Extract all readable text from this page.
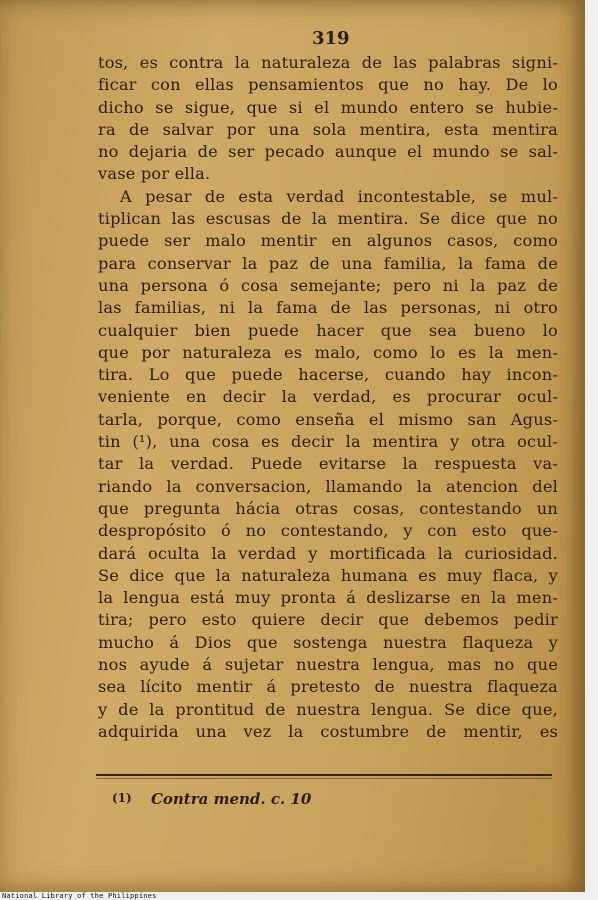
319
tos, es contra la naturaleza de las palabras signi-
ficar con ellas pensamientos que no hay. De lo
dicho se sigue, que si el mundo entero se hubie-
ra de salvar por una sola mentira, esta mentira
no dejaria de ser pecado aunque el mundo se sal-
vase por ella.
A pesar de esta verdad incontestable, se mul-
tiplican las escusas de la mentira. Se dice que no
puede ser malo mentir en algunos casos, como
para conservar la paz de una familia, la fama de
una persona ó cosa semejante; pero ni la paz de
las familias, ni la fama de las personas, ni otro
cualquier bien puede hacer que sea bueno lo
que por naturaleza es malo, como lo es la men-
tira. Lo que puede hacerse, cuando hay incon-
veniente en decir la verdad, es procurar ocul-
tarla, porque, como enseña el mismo san Agus-
tin (¹), una cosa es decir la mentira y otra ocul-
tar la verdad. Puede evitarse la respuesta va-
riando la conversacion, llamando la atencion del
que pregunta hácia otras cosas, contestando un
despropósito ó no contestando, y con esto que-
dará oculta la verdad y mortificada la curiosidad.
Se dice que la naturaleza humana es muy flaca, y
la lengua está muy pronta á deslizarse en la men-
tira; pero esto quiere decir que debemos pedir
mucho á Dios que sostenga nuestra flaqueza y
nos ayude á sujetar nuestra lengua, mas no que
sea lícito mentir á pretesto de nuestra flaqueza
y de la prontitud de nuestra lengua. Se dice que,
adquirida una vez la costumbre de mentir, es
(1) Contra mend. c. 10
National Library of the Philippines
